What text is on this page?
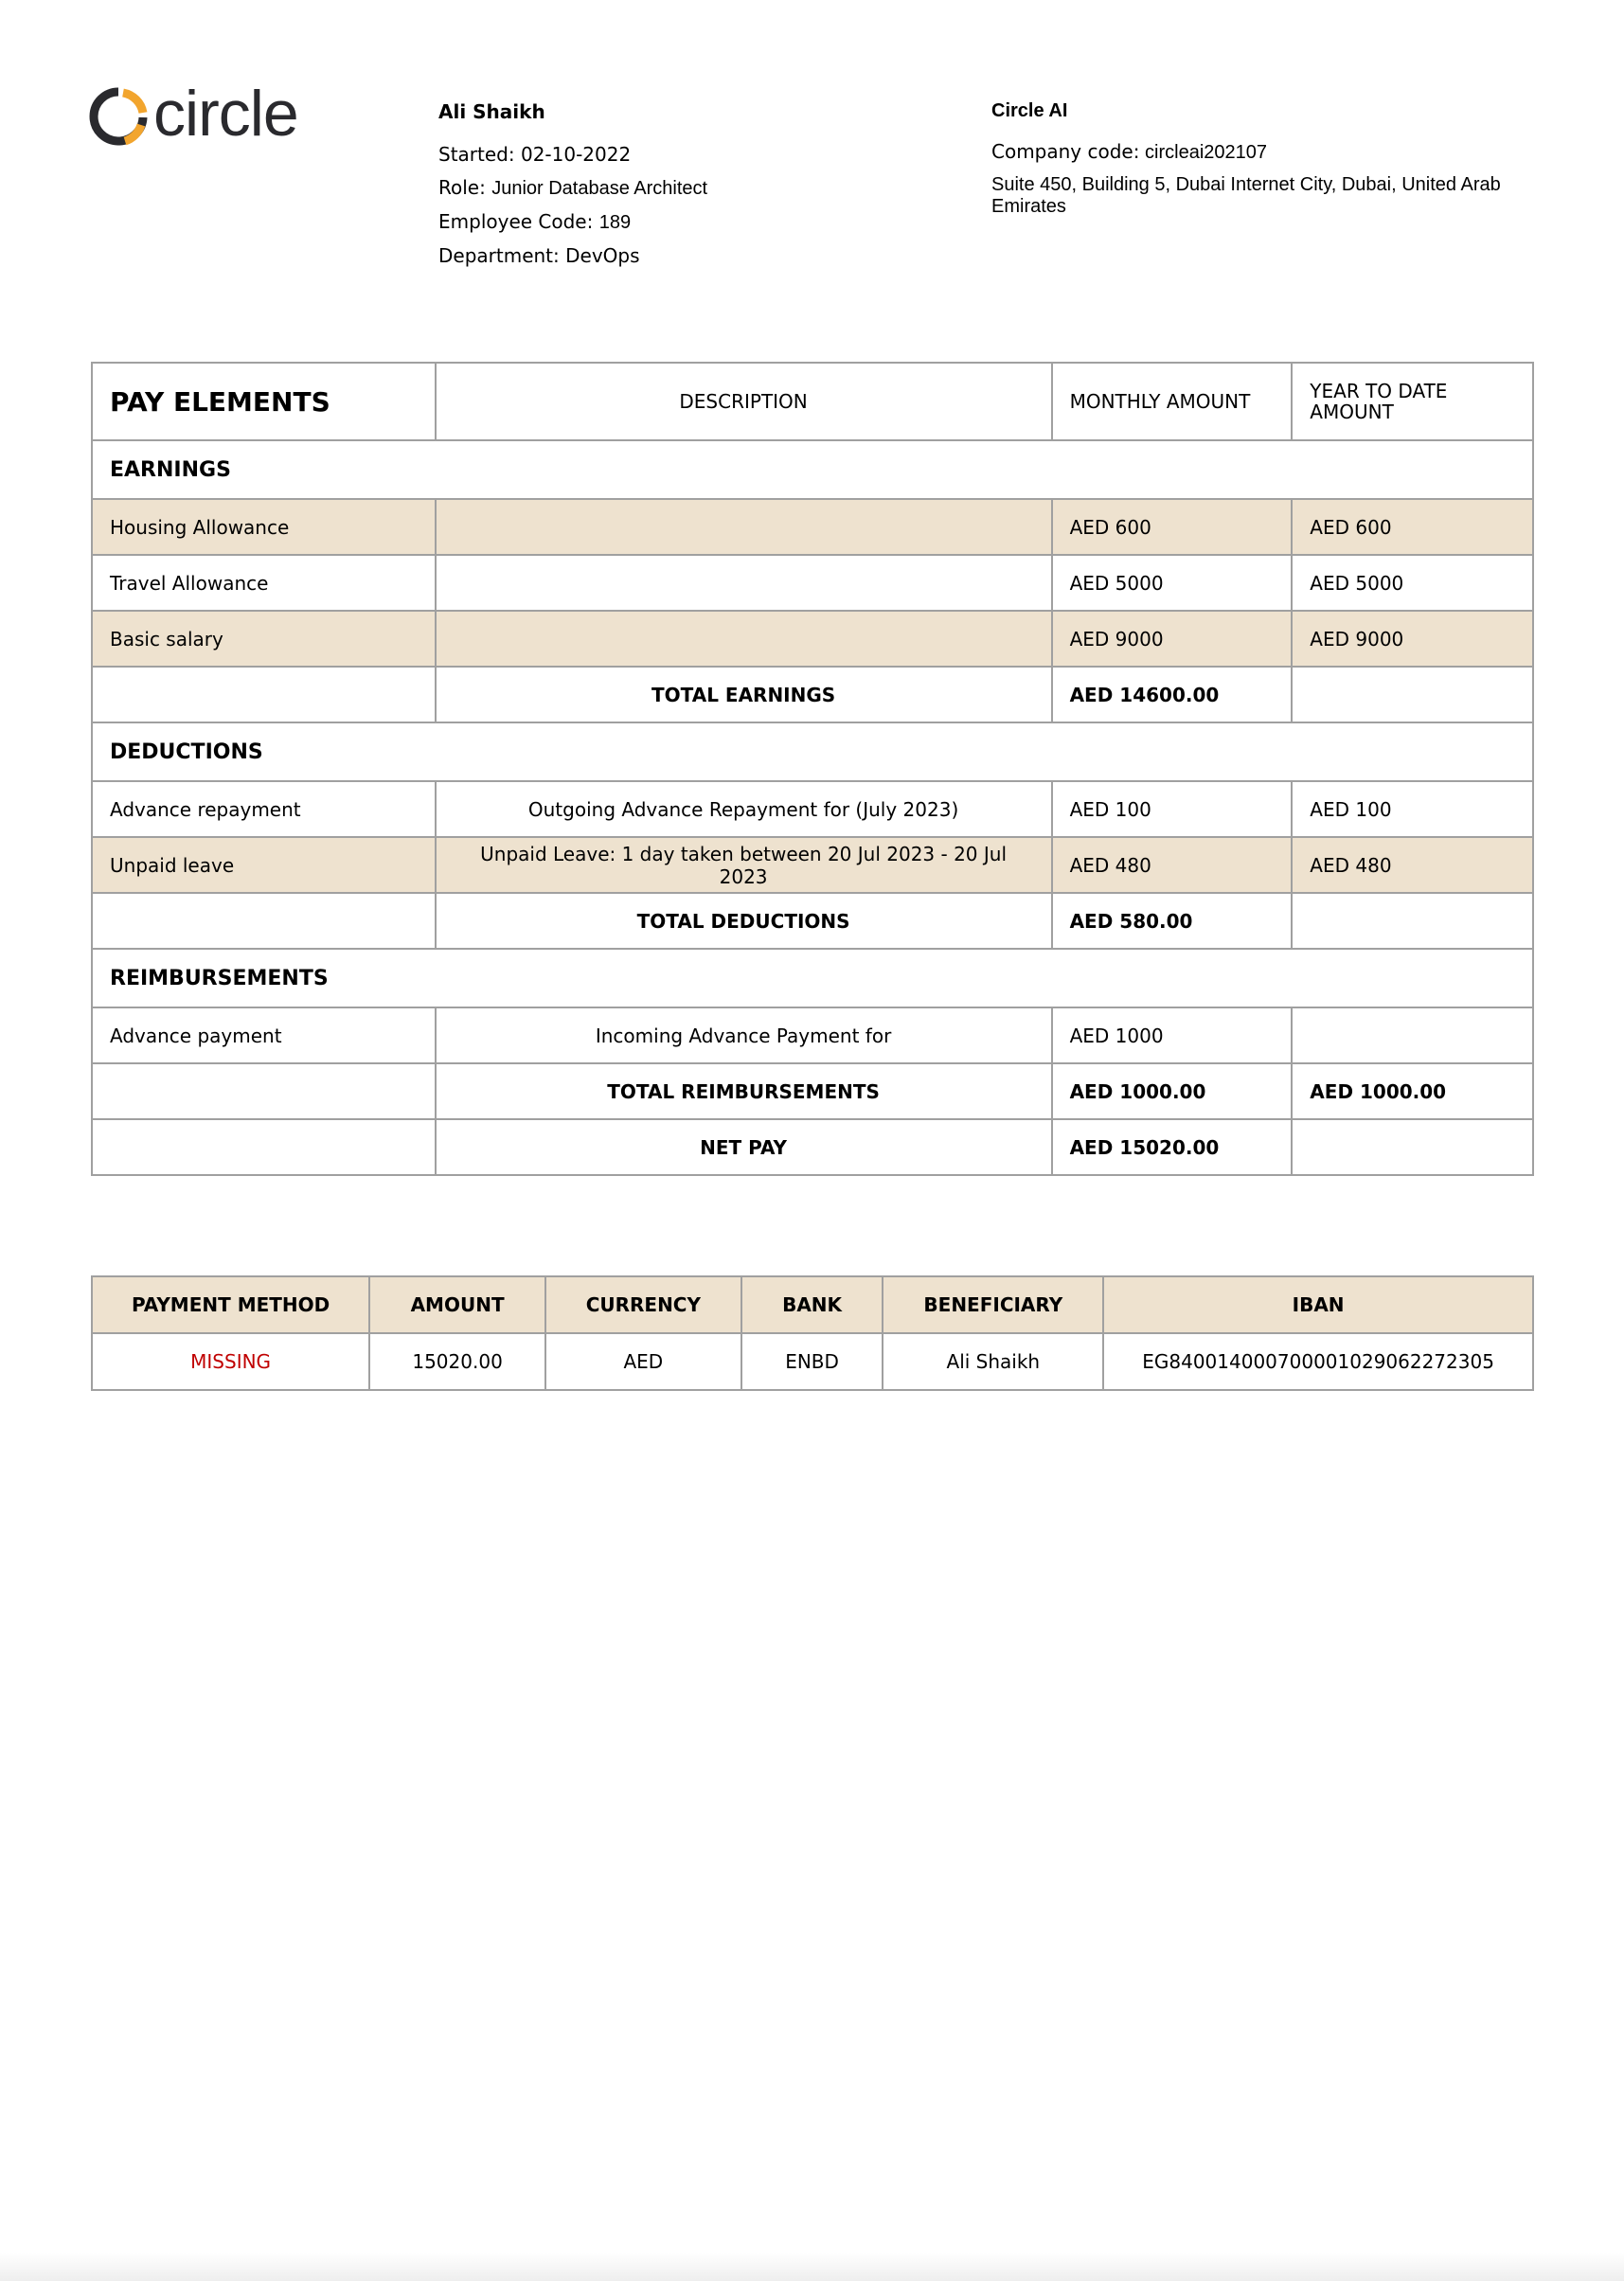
circle	Ali Shaikh
Started: 02-10-2022
Role: Junior Database Architect
Employee Code: 189
Department: DevOps
Circle AI
Company code: circleai202107
Suite 450, Building 5, Dubai Internet City, Dubai, United Arab Emirates
PAY ELEMENTS	DESCRIPTION	MONTHLY AMOUNT	YEAR TO DATE AMOUNT
EARNINGS			
Housing Allowance		AED 600	AED 600
Travel Allowance		AED 5000	AED 5000
Basic salary		AED 9000	AED 9000
	TOTAL EARNINGS	AED 14600.00	
DEDUCTIONS			
Advance repayment	Outgoing Advance Repayment for (July 2023)	AED 100	AED 100
Unpaid leave	Unpaid Leave: 1 day taken between 20 Jul 2023 - 20 Jul 2023	AED 480	AED 480
	TOTAL DEDUCTIONS	AED 580.00	
REIMBURSEMENTS			
Advance payment	Incoming Advance Payment for	AED 1000	
	TOTAL REIMBURSEMENTS	AED 1000.00	AED 1000.00
	NET PAY	AED 15020.00	
PAYMENT METHOD	AMOUNT	CURRENCY	BANK	BENEFICIARY	IBAN
MISSING	15020.00	AED	ENBD	Ali Shaikh	EG840014000700001029062272305
